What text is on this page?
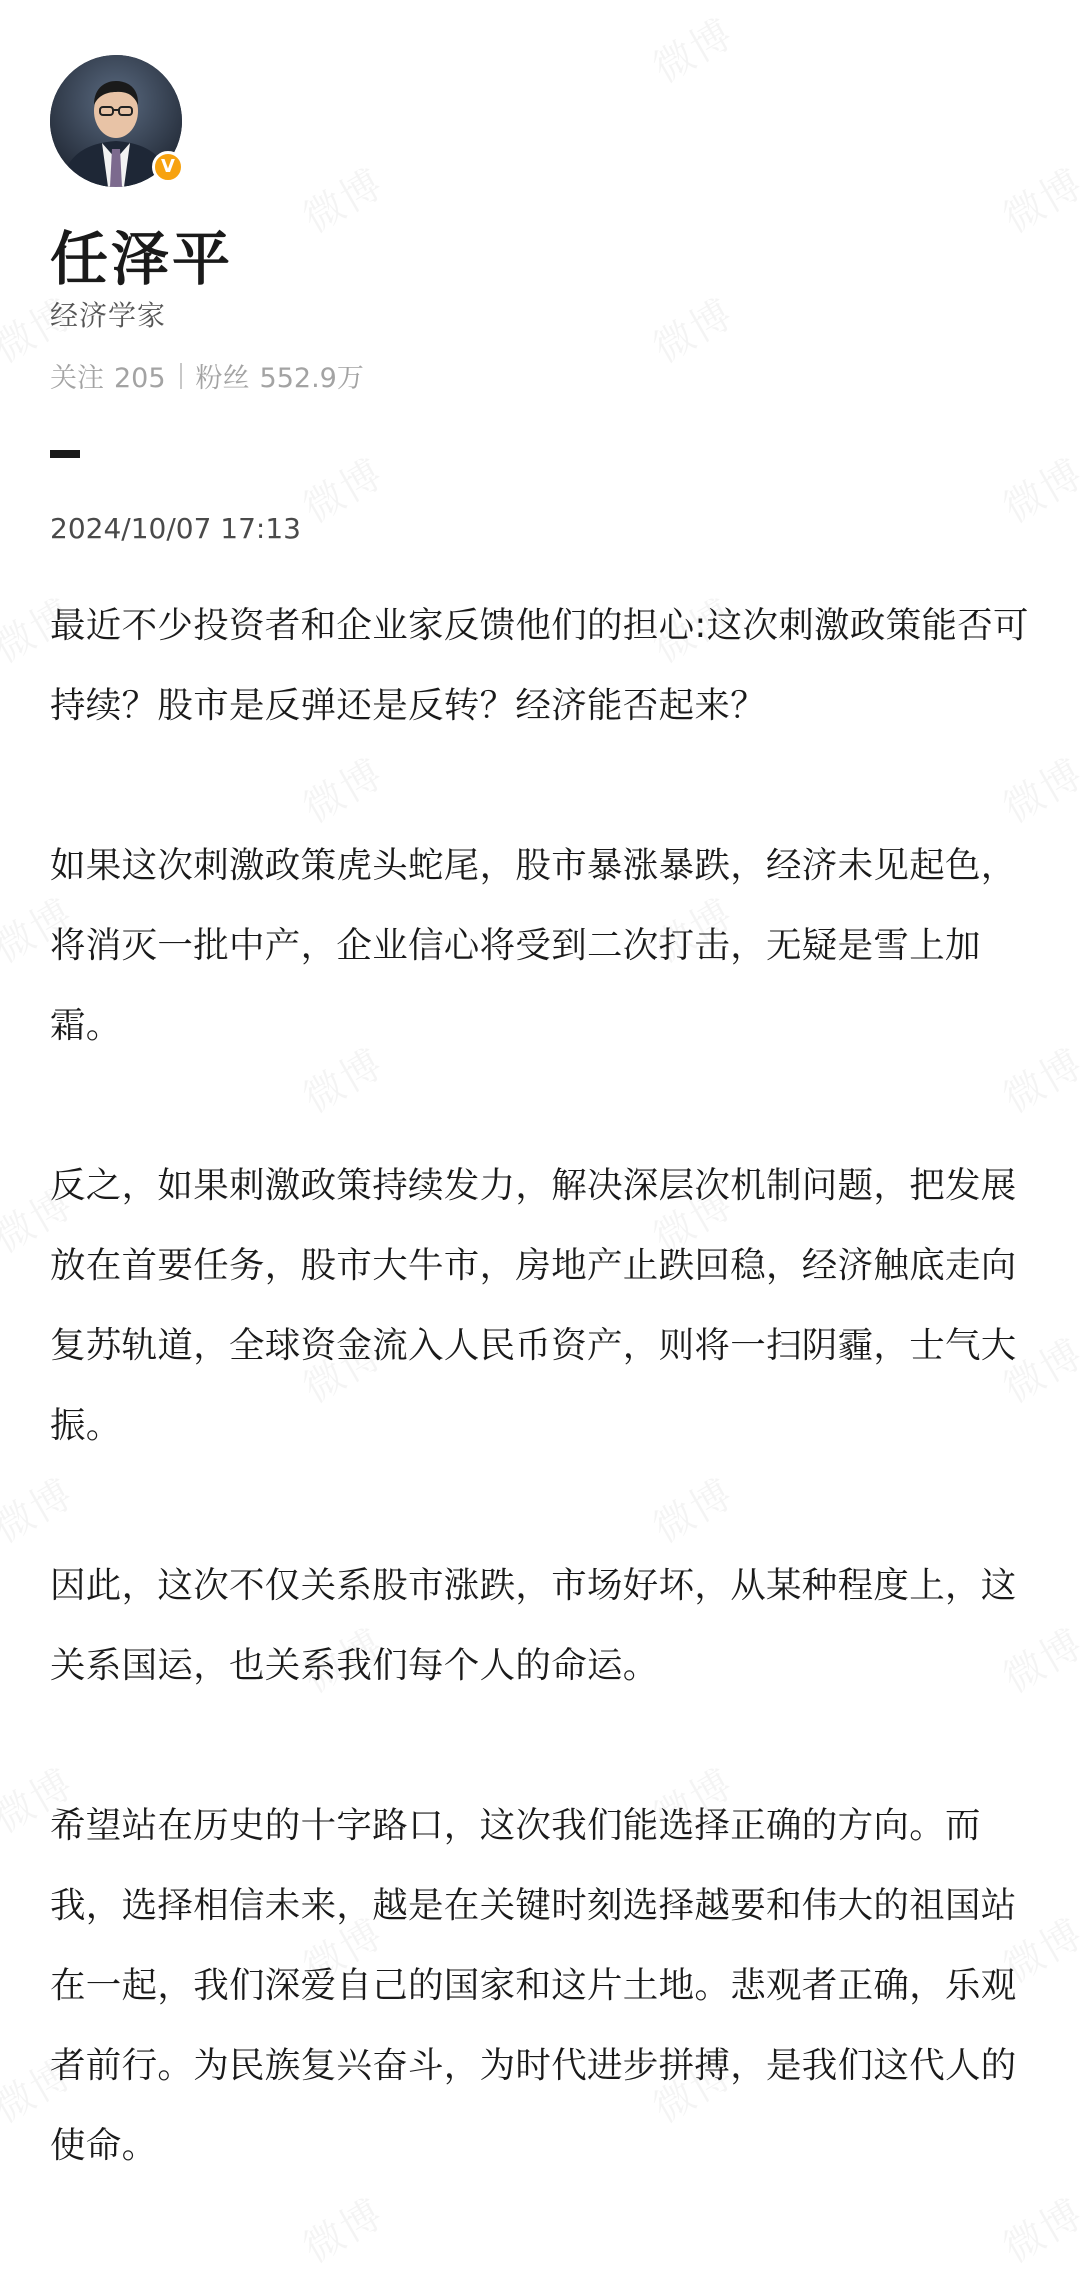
V
任泽平
经济学家
关注 205 粉丝 552.9万
2024/10/07 17:13

最近不少投资者和企业家反馈他们的担心:这次刺激政策能否可持续？股市是反弹还是反转？经济能否起来？

如果这次刺激政策虎头蛇尾，股市暴涨暴跌，经济未见起色，将消灭一批中产，企业信心将受到二次打击，无疑是雪上加霜。

反之，如果刺激政策持续发力，解决深层次机制问题，把发展放在首要任务，股市大牛市，房地产止跌回稳，经济触底走向复苏轨道，全球资金流入人民币资产，则将一扫阴霾，士气大振。

因此，这次不仅关系股市涨跌，市场好坏，从某种程度上，这关系国运，也关系我们每个人的命运。

希望站在历史的十字路口，这次我们能选择正确的方向。而我，选择相信未来，越是在关键时刻选择越要和伟大的祖国站在一起，我们深爱自己的国家和这片土地。悲观者正确，乐观者前行。为民族复兴奋斗，为时代进步拼搏，是我们这代人的使命。
